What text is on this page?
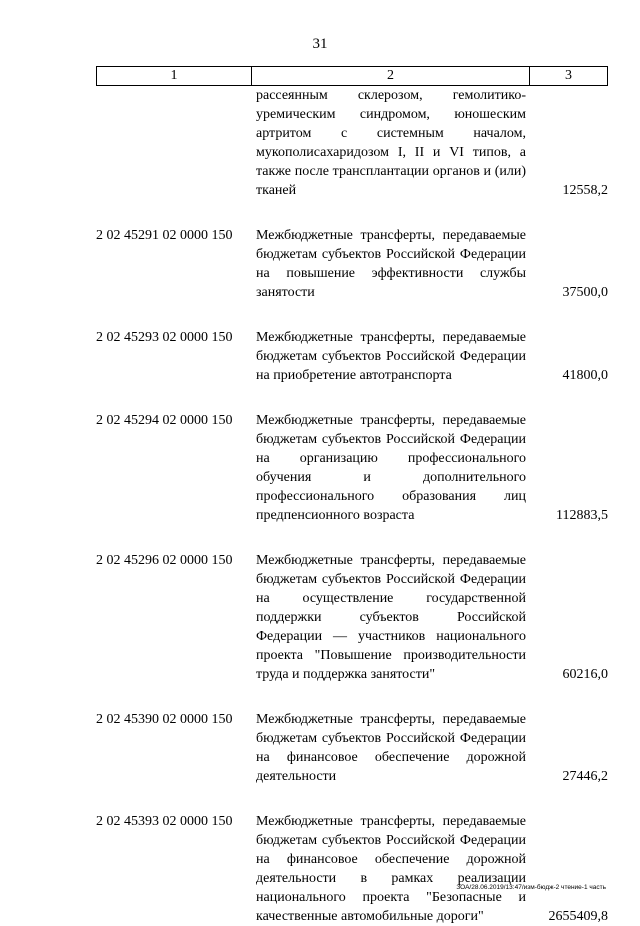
31
1	2	3
рассеянным склерозом, гемолитико-уремическим синдромом, юношеским артритом с системным началом, мукополисахаридозом I, II и VI типов, а также после трансплантации органов и (или) тканей	12558,2
2 02 45291 02 0000 150	Межбюджетные трансферты, передаваемые бюджетам субъектов Российской Федерации на повышение эффективности службы занятости	37500,0
2 02 45293 02 0000 150	Межбюджетные трансферты, передаваемые бюджетам субъектов Российской Федерации на приобретение автотранспорта	41800,0
2 02 45294 02 0000 150	Межбюджетные трансферты, передаваемые бюджетам субъектов Российской Федерации на организацию профессионального обучения и дополнительного профессионального образования лиц предпенсионного возраста	112883,5
2 02 45296 02 0000 150	Межбюджетные трансферты, передаваемые бюджетам субъектов Российской Федерации на осуществление государственной поддержки субъектов Российской Федерации — участников национального проекта "Повышение производительности труда и поддержка занятости"	60216,0
2 02 45390 02 0000 150	Межбюджетные трансферты, передаваемые бюджетам субъектов Российской Федерации на финансовое обеспечение дорожной деятельности	27446,2
2 02 45393 02 0000 150	Межбюджетные трансферты, передаваемые бюджетам субъектов Российской Федерации на финансовое обеспечение дорожной деятельности в рамках реализации национального проекта "Безопасные и качественные автомобильные дороги"	2655409,8
ЗОА/28.06.2019/13:47/изм-бюдж-2 чтение-1 часть
